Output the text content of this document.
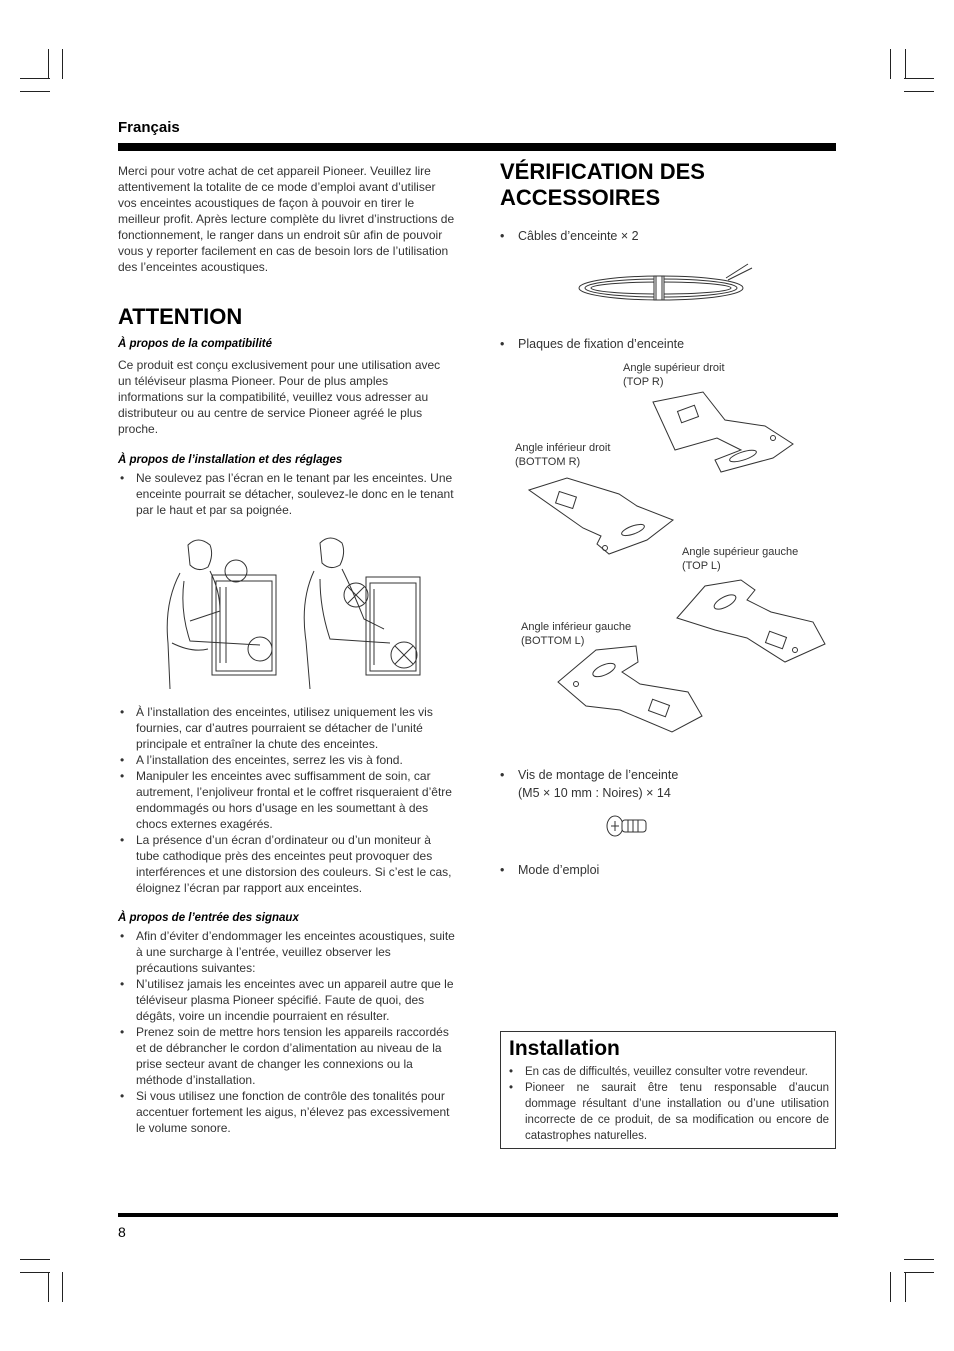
Français
Merci pour votre achat de cet appareil Pioneer. Veuillez lire attentivement la totalite de ce mode d’emploi avant d’utiliser vos enceintes acoustiques de façon à pouvoir en tirer le meilleur profit. Après lecture complète du livret d’instructions de fonctionnement, le ranger dans un endroit sûr afin de pouvoir vous y reporter facilement en cas de besoin lors de l’utilisation des l’enceintes acoustiques.
ATTENTION
À propos de la compatibilité
Ce produit est conçu exclusivement pour une utilisation avec un téléviseur plasma Pioneer. Pour de plus amples informations sur la compatibilité, veuillez vous adresser au distributeur ou au centre de service Pioneer agréé le plus proche.
À propos de l’installation et des réglages
• Ne soulevez pas l’écran en le tenant par les enceintes. Une enceinte pourrait se détacher, soulevez-le donc en le tenant par le haut et par sa poignée.
• À l’installation des enceintes, utilisez uniquement les vis fournies, car d’autres pourraient se détacher de l’unité principale et entraîner la chute des enceintes.
• A l’installation des enceintes, serrez les vis à fond.
• Manipuler les enceintes avec suffisamment de soin, car autrement, l’enjoliveur frontal et le coffret risqueraient d’être endommagés ou hors d’usage en les soumettant à des chocs externes exagérés.
• La présence d’un écran d’ordinateur ou d’un moniteur à tube cathodique près des enceintes peut provoquer des interférences et une distorsion des couleurs. Si c’est le cas, éloignez l’écran par rapport aux enceintes.
À propos de l’entrée des signaux
• Afin d’éviter d’endommager les enceintes acoustiques, suite à une surcharge à l’entrée, veuillez observer les précautions suivantes:
• N’utilisez jamais les enceintes avec un appareil autre que le téléviseur plasma Pioneer spécifié. Faute de quoi, des dégâts, voire un incendie pourraient en résulter.
• Prenez soin de mettre hors tension les appareils raccordés et de débrancher le cordon d’alimentation au niveau de la prise secteur avant de changer les connexions ou la méthode d’installation.
• Si vous utilisez une fonction de contrôle des tonalités pour accentuer fortement les aigus, n’élevez pas excessivement le volume sonore.
VÉRIFICATION DES
ACCESSOIRES
• Câbles d’enceinte × 2
• Plaques de fixation d’enceinte
Angle supérieur droit
(TOP R)
Angle inférieur droit
(BOTTOM R)
Angle supérieur gauche
(TOP L)
Angle inférieur gauche
(BOTTOM L)
• Vis de montage de l’enceinte
(M5 × 10 mm : Noires) × 14
• Mode d’emploi
Installation
• En cas de difficultés, veuillez consulter votre revendeur.
• Pioneer ne saurait être tenu responsable d’aucun dommage résultant d’une installation ou d’une utilisation incorrecte de ce produit, de sa modification ou encore de catastrophes naturelles.
8
